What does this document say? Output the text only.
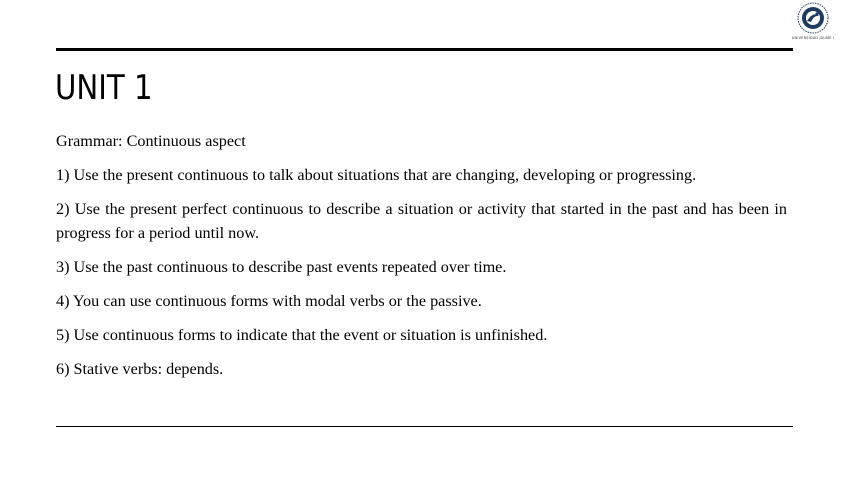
UNIVERSIDAD JAUME I
UNIT 1

Grammar: Continuous aspect

1) Use the present continuous to talk about situations that are changing, developing or progressing.

2) Use the present perfect continuous to describe a situation or activity that started in the past and has been in progress for a period until now.

3) Use the past continuous to describe past events repeated over time.

4) You can use continuous forms with modal verbs or the passive.

5) Use continuous forms to indicate that the event or situation is unfinished.

6) Stative verbs: depends.
